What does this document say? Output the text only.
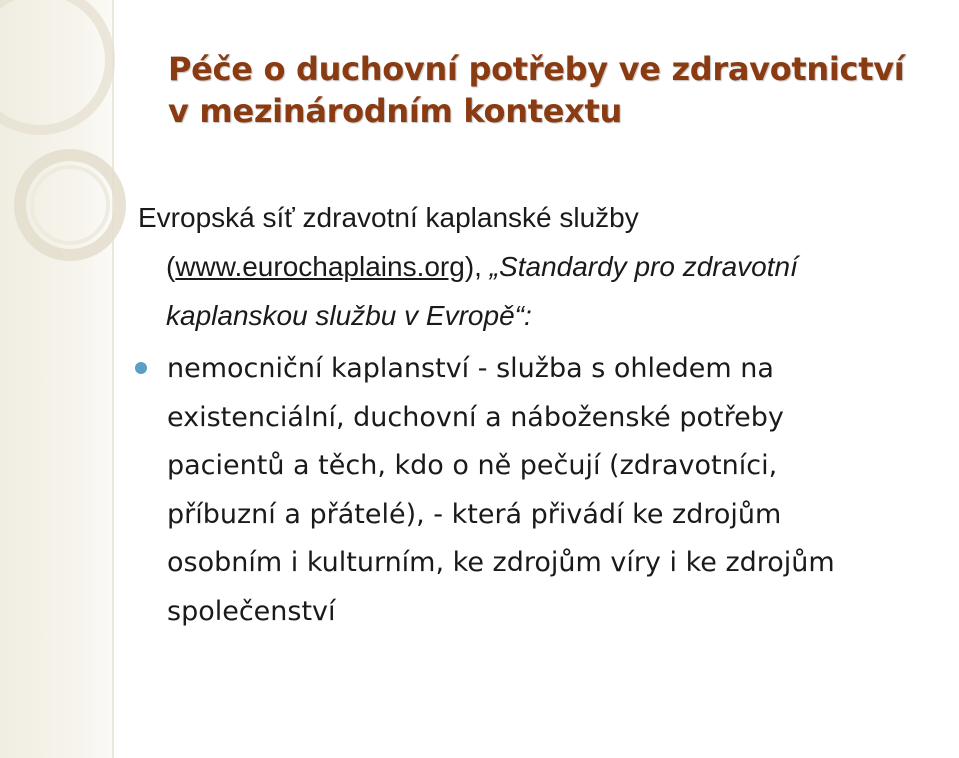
Péče o duchovní potřeby ve zdravotnictví
v mezinárodním kontextu
Evropská síť zdravotní kaplanské služby
(www.eurochaplains.org), „Standardy pro zdravotní
kaplanskou službu v Evropě“:
nemocniční kaplanství - služba s ohledem na
existenciální, duchovní a náboženské potřeby
pacientů a těch, kdo o ně pečují (zdravotníci,
příbuzní a přátelé), - která přivádí ke zdrojům
osobním i kulturním, ke zdrojům víry i ke zdrojům
společenství
